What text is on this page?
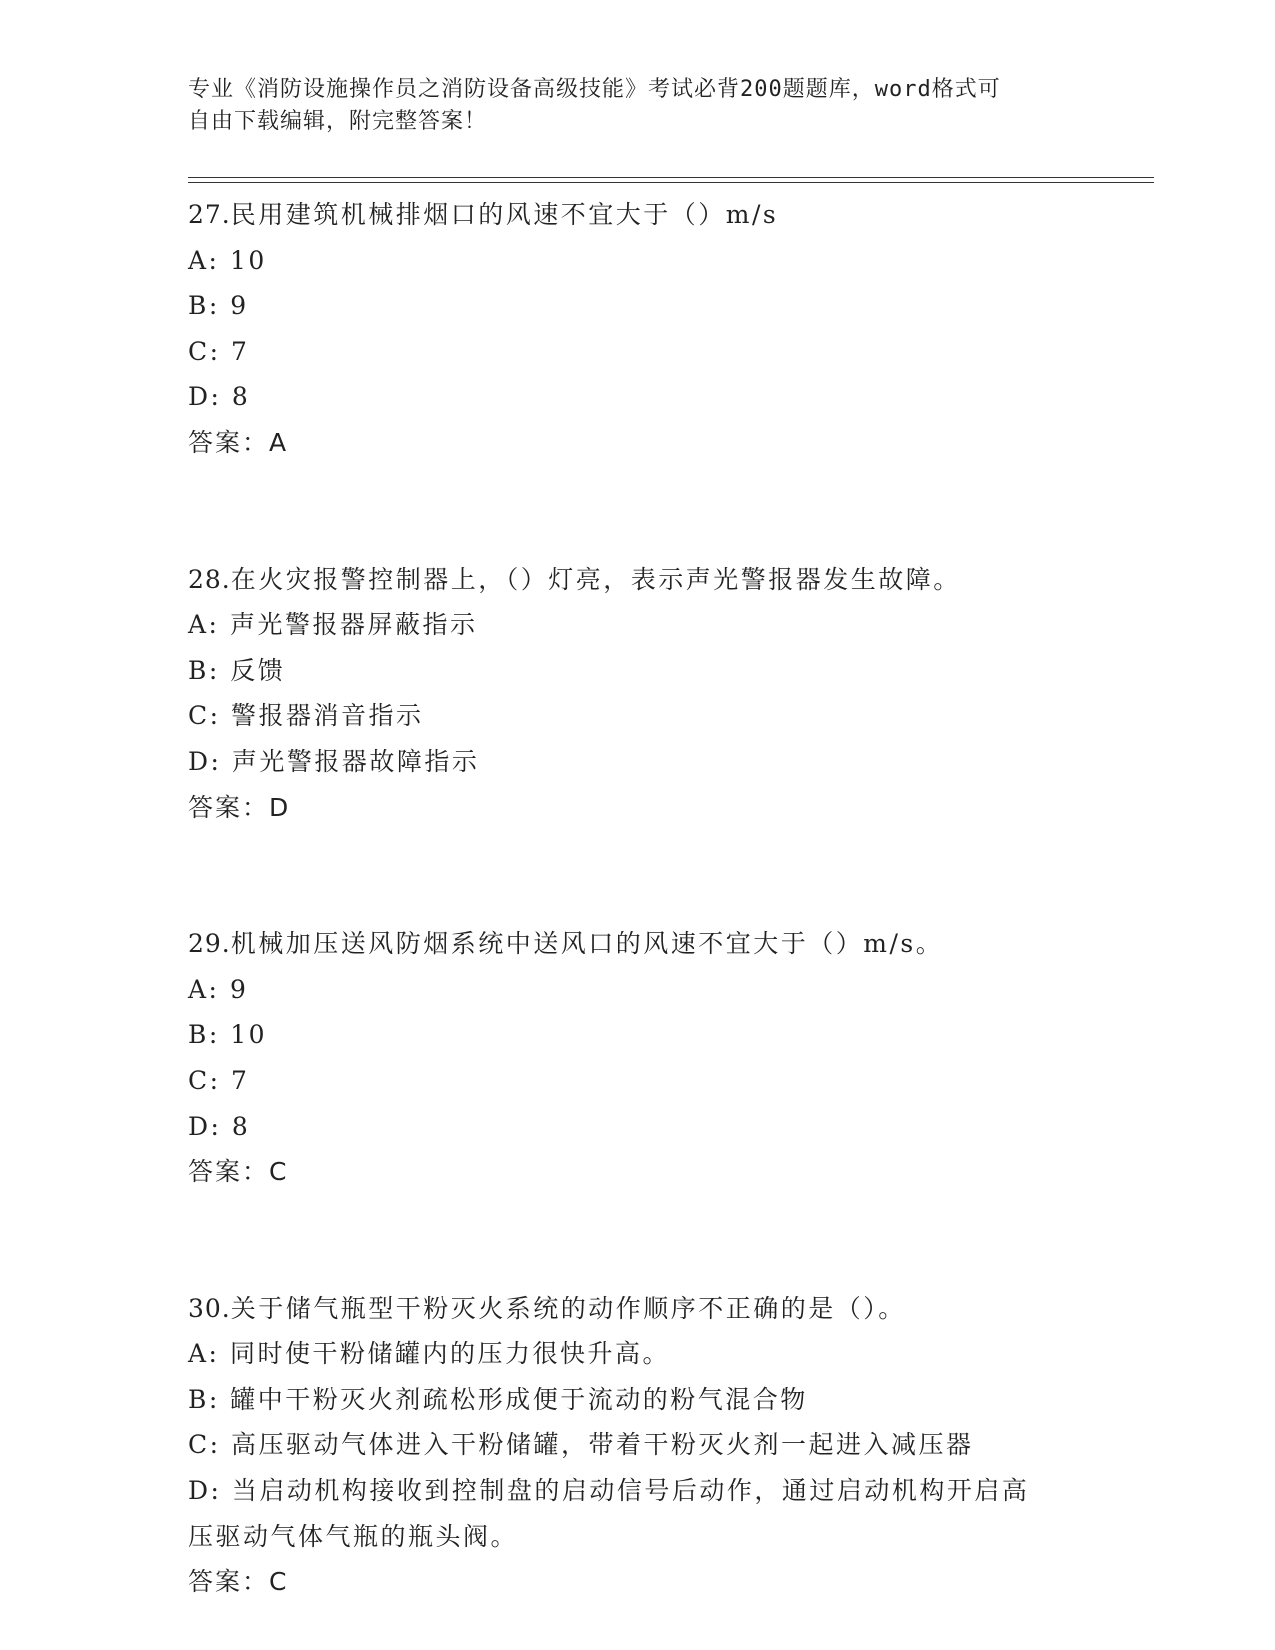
专业《消防设施操作员之消防设备高级技能》考试必背200题题库，word格式可
自由下载编辑，附完整答案！
27.民用建筑机械排烟口的风速不宜大于（）m/s
A: 10
B: 9
C: 7
D: 8
答案：A
28.在火灾报警控制器上，（）灯亮，表示声光警报器发生故障。
A: 声光警报器屏蔽指示
B: 反馈
C: 警报器消音指示
D: 声光警报器故障指示
答案：D
29.机械加压送风防烟系统中送风口的风速不宜大于（）m/s。
A: 9
B: 10
C: 7
D: 8
答案：C
30.关于储气瓶型干粉灭火系统的动作顺序不正确的是（）。
A: 同时使干粉储罐内的压力很快升高。
B: 罐中干粉灭火剂疏松形成便于流动的粉气混合物
C: 高压驱动气体进入干粉储罐，带着干粉灭火剂一起进入减压器
D: 当启动机构接收到控制盘的启动信号后动作，通过启动机构开启高
压驱动气体气瓶的瓶头阀。
答案：C
